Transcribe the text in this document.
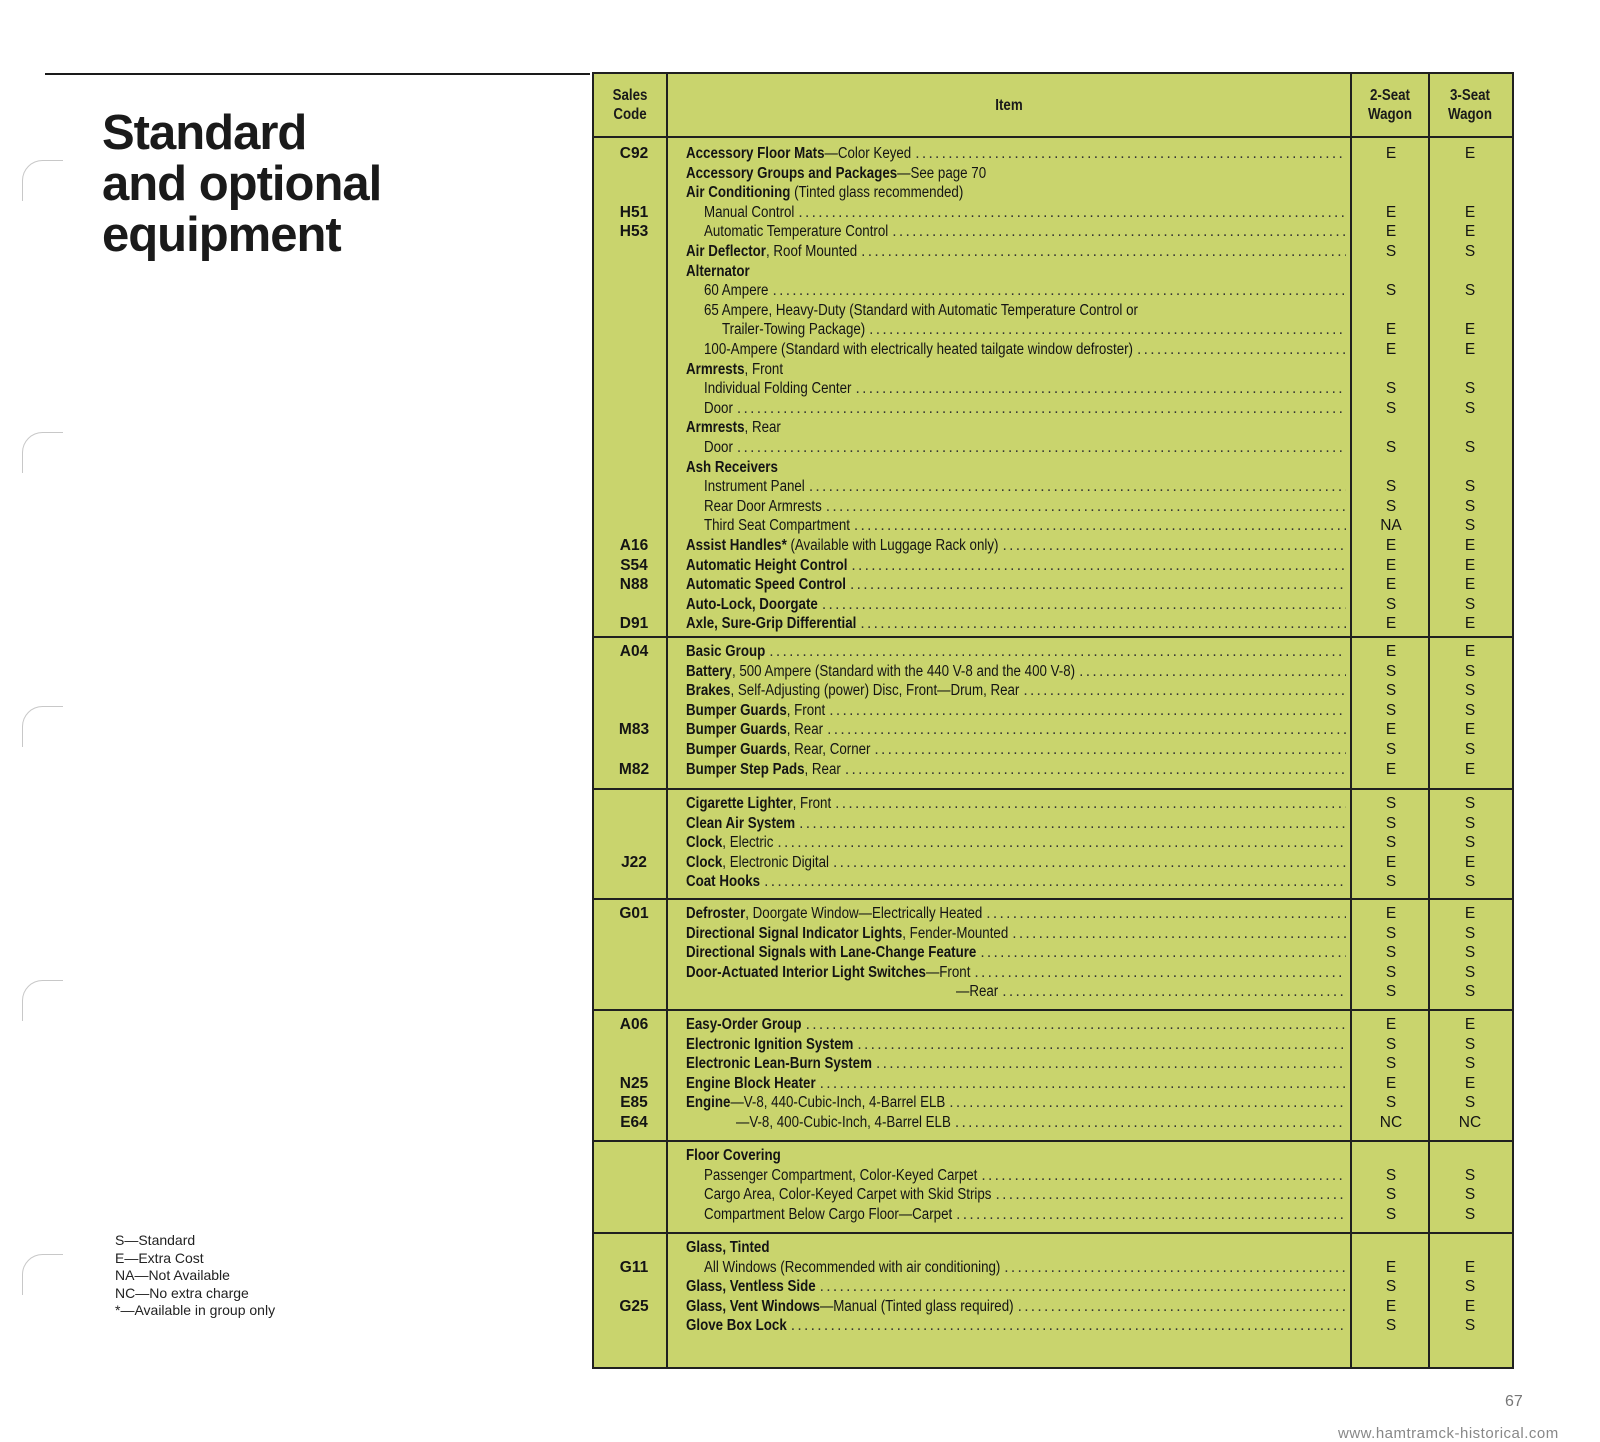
Standard
and optional
equipment
S—Standard
E—Extra Cost
NA—Not Available
NC—No extra charge
*—Available in group only
Sales
Code
Item
2-Seat
Wagon
3-Seat
Wagon
C92	Accessory Floor Mats—Color Keyed . . .	E	E
Accessory Groups and Packages—See page 70
Air Conditioning (Tinted glass recommended)
H51	Manual Control . . .	E	E
H53	Automatic Temperature Control . . .	E	E
Air Deflector, Roof Mounted . . .	S	S
Alternator
60 Ampere . . .	S	S
65 Ampere, Heavy-Duty (Standard with Automatic Temperature Control or
Trailer-Towing Package) . . .	E	E
100-Ampere (Standard with electrically heated tailgate window defroster) . . .	E	E
Armrests, Front
Individual Folding Center . . .	S	S
Door . . .	S	S
Armrests, Rear
Door . . .	S	S
Ash Receivers
Instrument Panel . . .	S	S
Rear Door Armrests . . .	S	S
Third Seat Compartment . . .	NA	S
A16	Assist Handles* (Available with Luggage Rack only) . . .	E	E
S54	Automatic Height Control . . .	E	E
N88	Automatic Speed Control . . .	E	E
Auto-Lock, Doorgate . . .	S	S
D91	Axle, Sure-Grip Differential . . .	E	E
A04	Basic Group . . .	E	E
Battery, 500 Ampere (Standard with the 440 V-8 and the 400 V-8) . . .	S	S
Brakes, Self-Adjusting (power) Disc, Front—Drum, Rear . . .	S	S
Bumper Guards, Front . . .	S	S
M83	Bumper Guards, Rear . . .	E	E
Bumper Guards, Rear, Corner . . .	S	S
M82	Bumper Step Pads, Rear . . .	E	E
Cigarette Lighter, Front . . .	S	S
Clean Air System . . .	S	S
Clock, Electric . . .	S	S
J22	Clock, Electronic Digital . . .	E	E
Coat Hooks . . .	S	S
G01	Defroster, Doorgate Window—Electrically Heated . . .	E	E
Directional Signal Indicator Lights, Fender-Mounted . . .	S	S
Directional Signals with Lane-Change Feature . . .	S	S
Door-Actuated Interior Light Switches—Front . . .	S	S
—Rear . . .	S	S
A06	Easy-Order Group . . .	E	E
Electronic Ignition System . . .	S	S
Electronic Lean-Burn System . . .	S	S
N25	Engine Block Heater . . .	E	E
E85	Engine—V-8, 440-Cubic-Inch, 4-Barrel ELB . . .	S	S
E64	—V-8, 400-Cubic-Inch, 4-Barrel ELB . . .	NC	NC
Floor Covering
Passenger Compartment, Color-Keyed Carpet . . .	S	S
Cargo Area, Color-Keyed Carpet with Skid Strips . . .	S	S
Compartment Below Cargo Floor—Carpet . . .	S	S
Glass, Tinted
G11	All Windows (Recommended with air conditioning) . . .	E	E
Glass, Ventless Side . . .	S	S
G25	Glass, Vent Windows—Manual (Tinted glass required) . . .	E	E
Glove Box Lock . . .	S	S
67
www.hamtramck-historical.com
